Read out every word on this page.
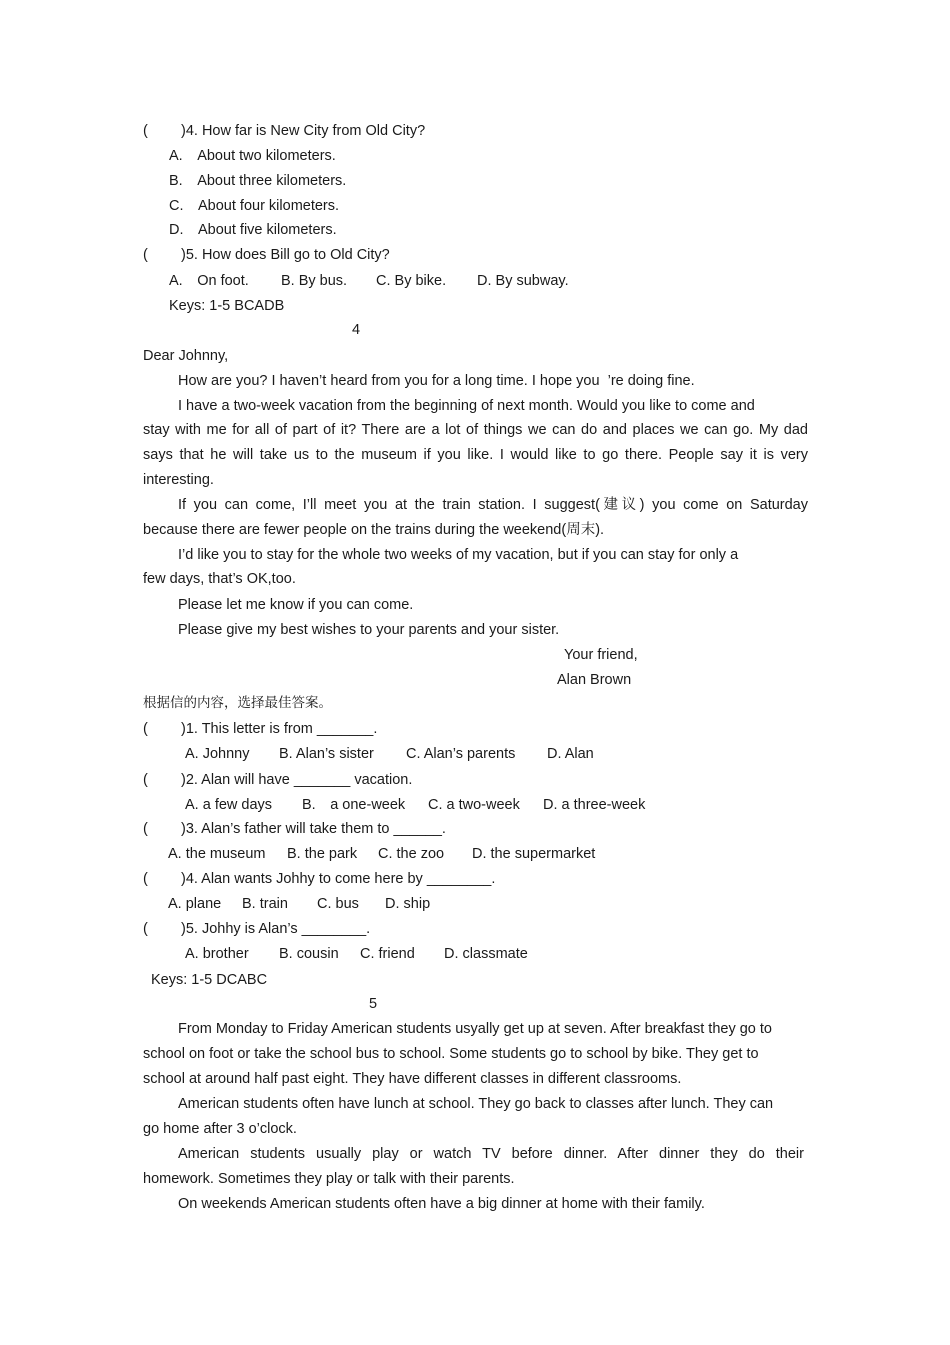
( )4. How far is New City from Old City?
A. About two kilometers.
B. About three kilometers.
C. About four kilometers.
D. About five kilometers.
( )5. How does Bill go to Old City?
A. On foot. B. By bus. C. By bike. D. By subway.
Keys: 1-5 BCADB
4
Dear Johnny,
How are you? I haven’t heard from you for a long time. I hope you  ’re doing fine.
I have a two-week vacation from the beginning of next month. Would you like to come and
stay with me for all of part of it? There are a lot of things we can do and places we can go. My dad
says that he will take us to the museum if you like. I would like to go there. People say it is very
interesting.
If you can come, I’ll meet you at the train station. I suggest(建议) you come on Saturday
because there are fewer people on the trains during the weekend(周末).
I’d like you to stay for the whole two weeks of my vacation, but if you can stay for only a
few days, that’s OK,too.
Please let me know if you can come.
Please give my best wishes to your parents and your sister.
Your friend,
Alan Brown
根据信的内容，选择最佳答案。
( )1. This letter is from _______.
A. Johnny B. Alan’s sister C. Alan’s parents D. Alan
( )2. Alan will have _______ vacation.
A. a few days B. a one-week C. a two-week D. a three-week
( )3. Alan’s father will take them to ______.
A. the museum B. the park C. the zoo D. the supermarket
( )4. Alan wants Johhy to come here by ________.
A. plane B. train C. bus D. ship
( )5. Johhy is Alan’s ________.
A. brother B. cousin C. friend D. classmate
Keys: 1-5 DCABC
5
From Monday to Friday American students usyally get up at seven. After breakfast they go to
school on foot or take the school bus to school. Some students go to school by bike. They get to
school at around half past eight. They have different classes in different classrooms.
American students often have lunch at school. They go back to classes after lunch. They can
go home after 3 o’clock.
American students usually play or watch TV before dinner. After dinner they do their
homework. Sometimes they play or talk with their parents.
On weekends American students often have a big dinner at home with their family.
